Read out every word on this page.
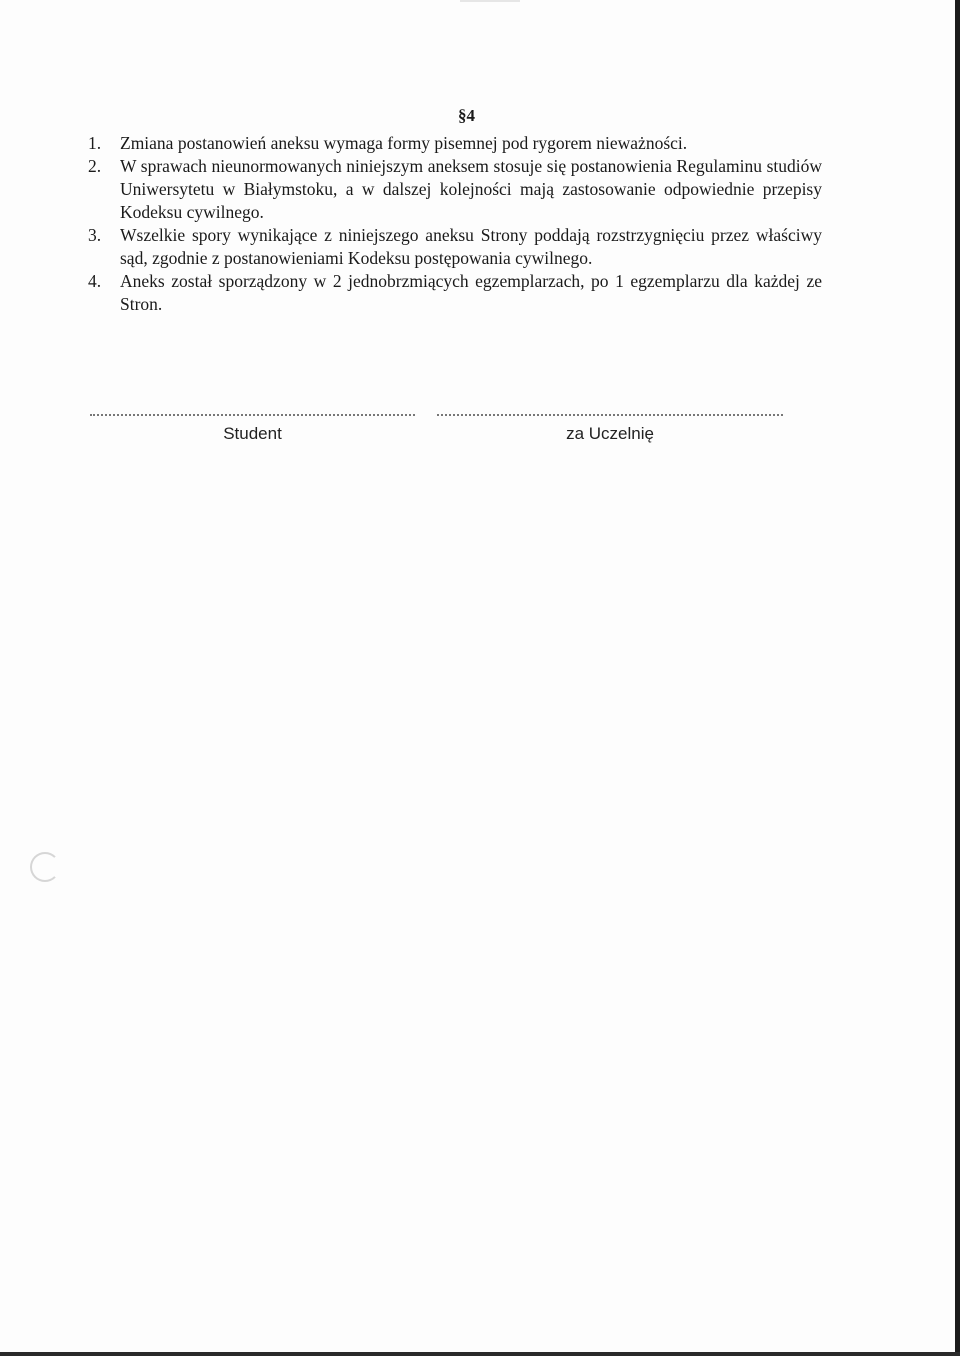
§4
1. Zmiana postanowień aneksu wymaga formy pisemnej pod rygorem nieważności.
2. W sprawach nieunormowanych niniejszym aneksem stosuje się postanowienia Regulaminu studiów Uniwersytetu w Białymstoku, a w dalszej kolejności mają zastosowanie odpowiednie przepisy Kodeksu cywilnego.
3. Wszelkie spory wynikające z niniejszego aneksu Strony poddają rozstrzygnięciu przez właściwy sąd, zgodnie z postanowieniami Kodeksu postępowania cywilnego.
4. Aneks został sporządzony w 2 jednobrzmiących egzemplarzach, po 1 egzemplarzu dla każdej ze Stron.
Student	za Uczelnię
